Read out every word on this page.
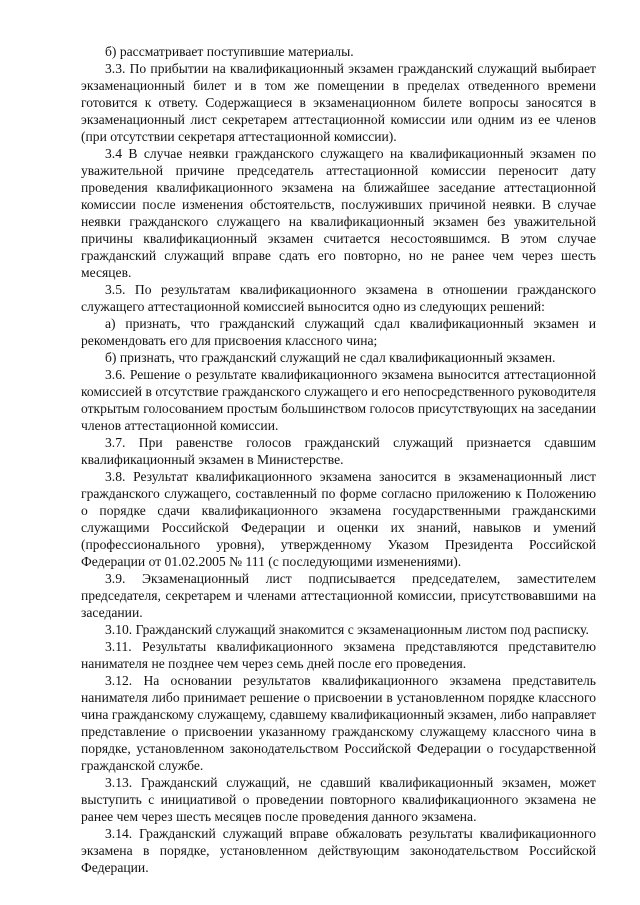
б) рассматривает поступившие материалы.

3.3. По прибытии на квалификационный экзамен гражданский служащий выбирает экзаменационный билет и в том же помещении в пределах отведенного времени готовится к ответу. Содержащиеся в экзаменационном билете вопросы заносятся в экзаменационный лист секретарем аттестационной комиссии или одним из ее членов (при отсутствии секретаря аттестационной комиссии).

3.4 В случае неявки гражданского служащего на квалификационный экзамен по уважительной причине председатель аттестационной комиссии переносит дату проведения квалификационного экзамена на ближайшее заседание аттестационной комиссии после изменения обстоятельств, послуживших причиной неявки. В случае неявки гражданского служащего на квалификационный экзамен без уважительной причины квалификационный экзамен считается несостоявшимся. В этом случае гражданский служащий вправе сдать его повторно, но не ранее чем через шесть месяцев.

3.5. По результатам квалификационного экзамена в отношении гражданского служащего аттестационной комиссией выносится одно из следующих решений:

а) признать, что гражданский служащий сдал квалификационный экзамен и рекомендовать его для присвоения классного чина;

б) признать, что гражданский служащий не сдал квалификационный экзамен.

3.6. Решение о результате квалификационного экзамена выносится аттестационной комиссией в отсутствие гражданского служащего и его непосредственного руководителя открытым голосованием простым большинством голосов присутствующих на заседании членов аттестационной комиссии.

3.7. При равенстве голосов гражданский служащий признается сдавшим квалификационный экзамен в Министерстве.

3.8. Результат квалификационного экзамена заносится в экзаменационный лист гражданского служащего, составленный по форме согласно приложению к Положению о порядке сдачи квалификационного экзамена государственными гражданскими служащими Российской Федерации и оценки их знаний, навыков и умений (профессионального уровня), утвержденному Указом Президента Российской Федерации от 01.02.2005 № 111 (с последующими изменениями).

3.9. Экзаменационный лист подписывается председателем, заместителем председателя, секретарем и членами аттестационной комиссии, присутствовавшими на заседании.

3.10. Гражданский служащий знакомится с экзаменационным листом под расписку.

3.11. Результаты квалификационного экзамена представляются представителю нанимателя не позднее чем через семь дней после его проведения.

3.12. На основании результатов квалификационного экзамена представитель нанимателя либо принимает решение о присвоении в установленном порядке классного чина гражданскому служащему, сдавшему квалификационный экзамен, либо направляет представление о присвоении указанному гражданскому служащему классного чина в порядке, установленном законодательством Российской Федерации о государственной гражданской службе.

3.13. Гражданский служащий, не сдавший квалификационный экзамен, может выступить с инициативой о проведении повторного квалификационного экзамена не ранее чем через шесть месяцев после проведения данного экзамена.

3.14. Гражданский служащий вправе обжаловать результаты квалификационного экзамена в порядке, установленном действующим законодательством Российской Федерации.
